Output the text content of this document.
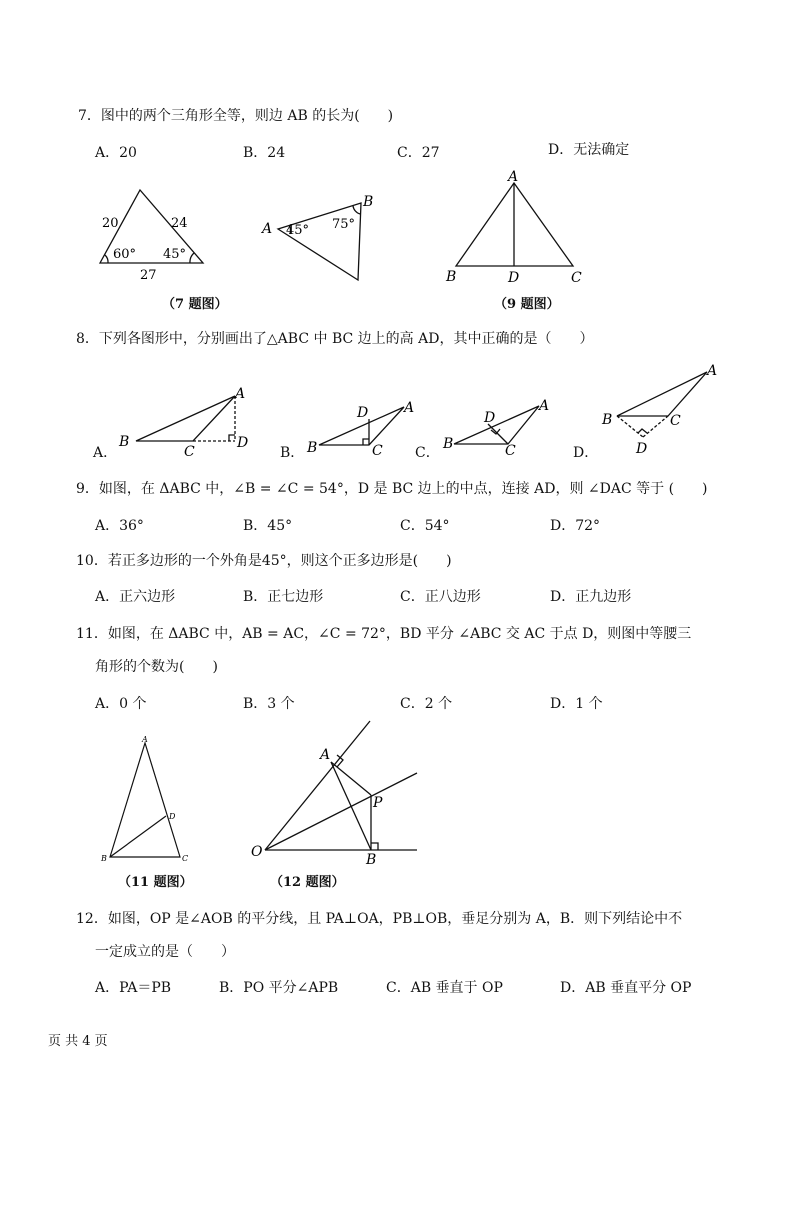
7．图中的两个三角形全等，则边 AB 的长为(　　)
A．20	B．24	C．27	D．无法确定
20	24
60° 45°
27
A
B
45° 75°
（7 题图）
A
B	D	C
（9 题图）
8．下列各图形中，分别画出了△ABC 中 BC 边上的高 AD，其中正确的是（　　）
A
B
C
D
A
B	C
D	A
B	C
D
A
B	C
D
A．	B．	C．	D．
9．如图，在 ΔABC 中，∠B = ∠C = 54°，D 是 BC 边上的中点，连接 AD，则 ∠DAC 等于 (　　)
A．36°	B．45°	C．54°	D．72°
10．若正多边形的一个外角是45°，则这个正多边形是(　　)
A．正六边形	B．正七边形	C．正八边形	D．正九边形
11．如图，在 ΔABC 中，AB = AC，∠C = 72°，BD 平分 ∠ABC 交 AC 于点 D，则图中等腰三
角形的个数为(　　)
A．0 个	B．3 个	C．2 个	D．1 个
A
B	C
D
（11 题图）
A
B
O
P
（12 题图）
12．如图，OP 是∠AOB 的平分线，且 PA⊥OA，PB⊥OB，垂足分别为 A，B．则下列结论中不
一定成立的是（　　）
A．PA＝PB	B．PO 平分∠APB	C．AB 垂直于 OP	D．AB 垂直平分 OP
页 共 4 页
